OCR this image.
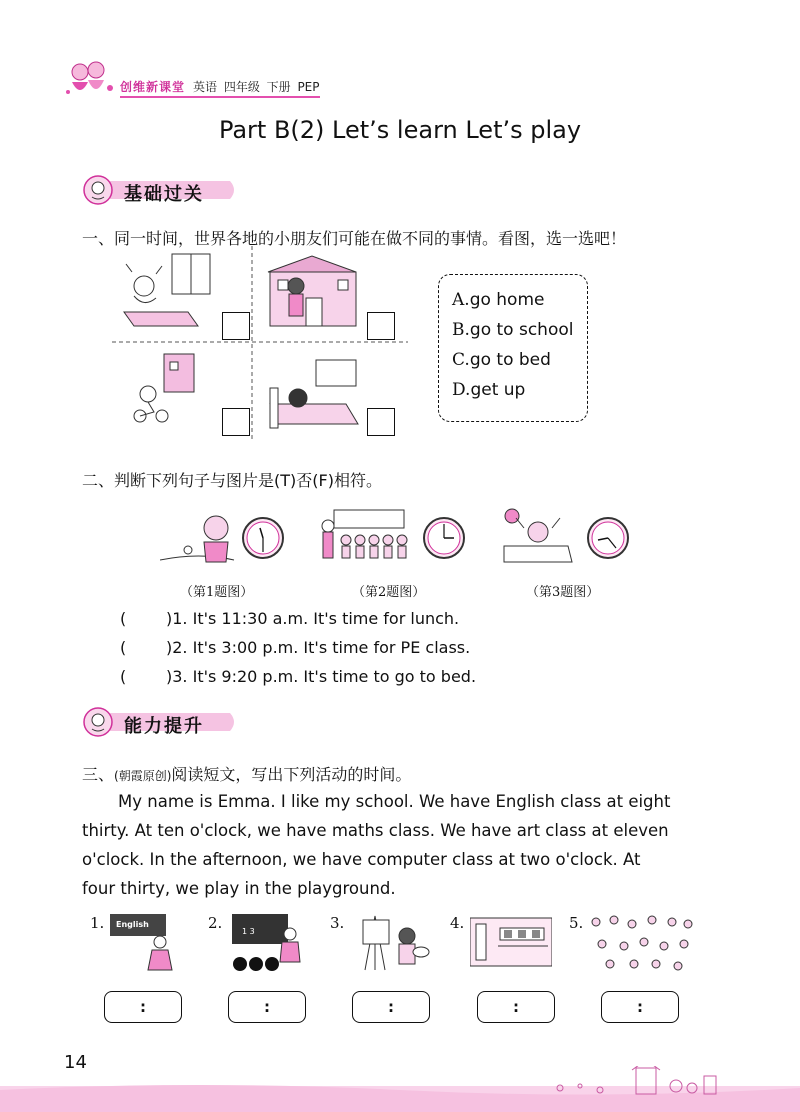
创维新课堂 英语 四年级 下册 PEP
Part B(2) Let’s learn Let’s play
基础过关
一、同一时间，世界各地的小朋友们可能在做不同的事情。看图，选一选吧！
A.go home
B.go to school
C.go to bed
D.get up
二、判断下列句子与图片是(T)否(F)相符。
（第1题图）	（第2题图）	（第3题图）
( )1. It's 11:30 a.m. It's time for lunch.
( )2. It's 3:00 p.m. It's time for PE class.
( )3. It's 9:20 p.m. It's time to go to bed.
能力提升
三、(朝霞原创)阅读短文，写出下列活动的时间。
My name is Emma. I like my school. We have English class at eight
thirty. At ten o'clock, we have maths class. We have art class at eleven
o'clock. In the afternoon, we have computer class at two o'clock. At
four thirty, we play in the playground.
1.	2.	3.	4.	5.
English
1 3
:	:	:	:	:
14
